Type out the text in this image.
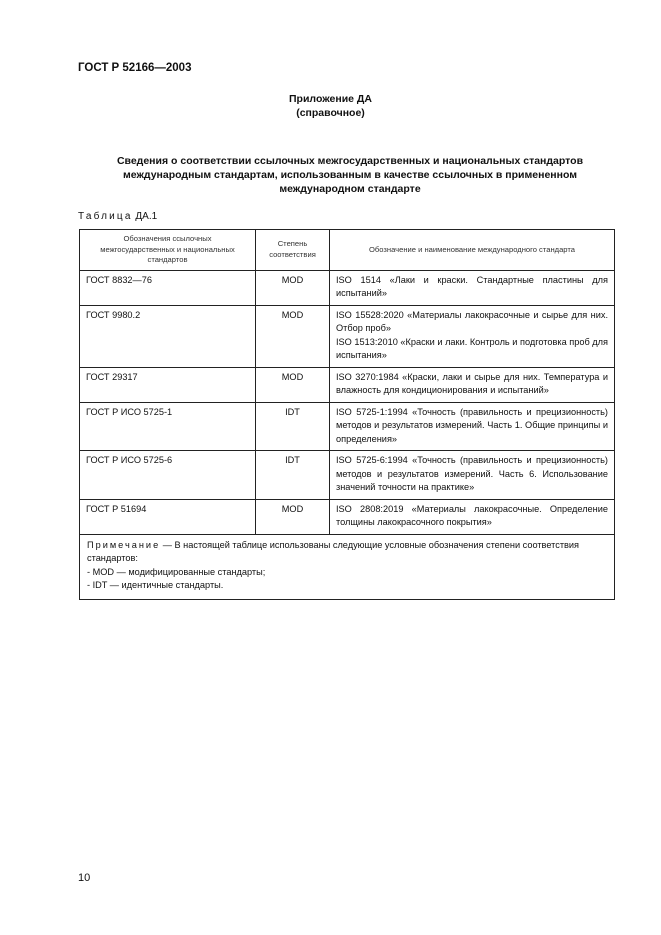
ГОСТ Р 52166—2003
Приложение ДА
(справочное)
Сведения о соответствии ссылочных межгосударственных и национальных стандартов
международным стандартам, использованным в качестве ссылочных в примененном
международном стандарте
Таблица ДА.1
Обозначения ссылочных межгосударственных и национальных стандартов	Степень соответствия	Обозначение и наименование международного стандарта
ГОСТ 8832—76	MOD	ISO 1514 «Лаки и краски. Стандартные пластины для испытаний»

ГОСТ 9980.2	MOD	ISO 15528:2020 «Материалы лакокрасочные и сырье для них. Отбор проб»
ISO 1513:2010 «Краски и лаки. Контроль и подготовка проб для испытания»

ГОСТ 29317	MOD	ISO 3270:1984 «Краски, лаки и сырье для них. Температура и влажность для кондиционирования и испытаний»

ГОСТ Р ИСО 5725-1	IDT	ISO 5725-1:1994 «Точность (правильность и прецизионность) методов и результатов измерений. Часть 1. Общие принципы и определения»

ГОСТ Р ИСО 5725-6	IDT	ISO 5725-6:1994 «Точность (правильность и прецизионность) методов и результатов измерений. Часть 6. Использование значений точности на практике»

ГОСТ Р 51694	MOD	ISO 2808:2019 «Материалы лакокрасочные. Определение толщины лакокрасочного покрытия»

Примечание — В настоящей таблице использованы следующие условные обозначения степени соответствия стандартов:
- MOD — модифицированные стандарты;
- IDT — идентичные стандарты.		
10
